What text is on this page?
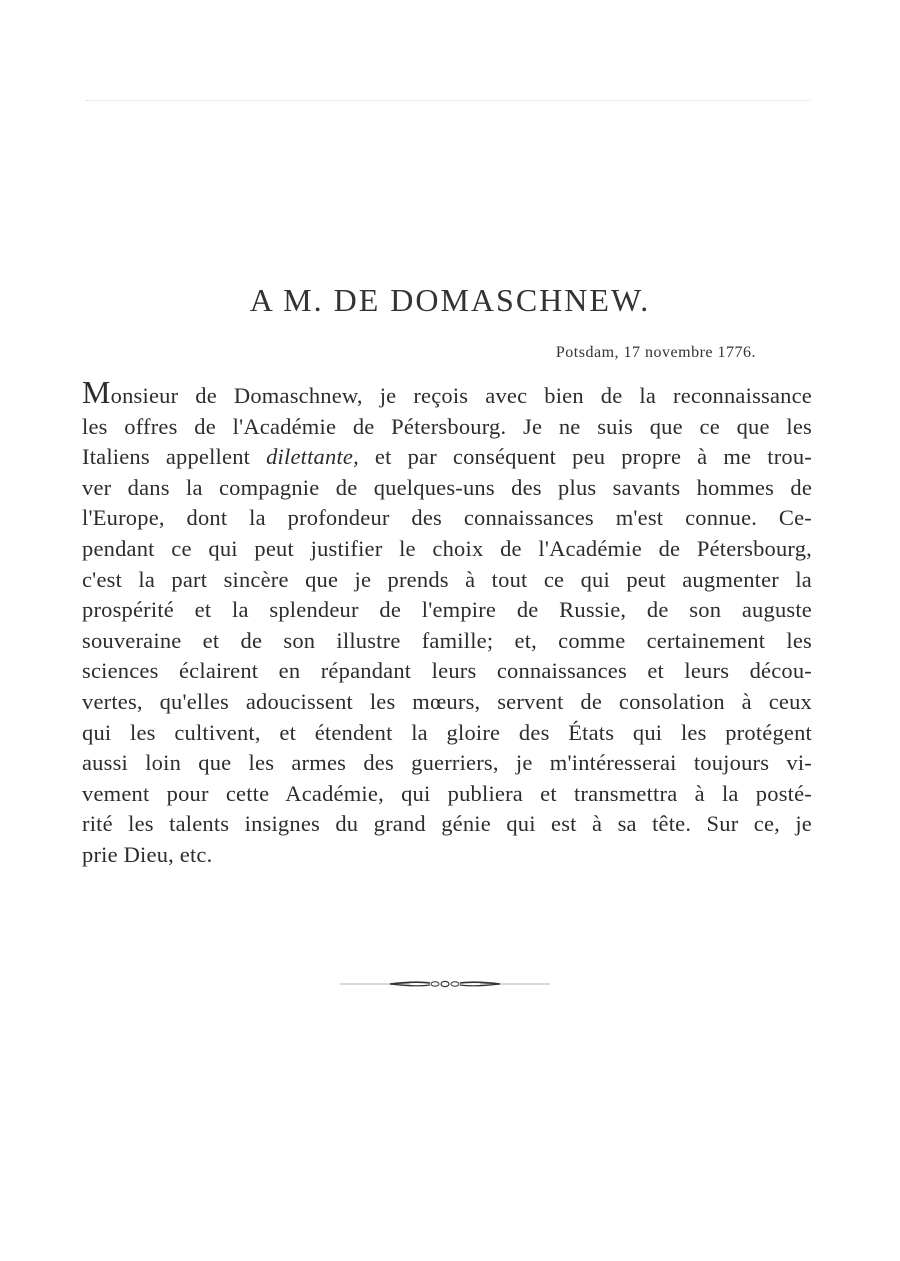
A M. DE DOMASCHNEW.
Potsdam, 17 novembre 1776.
Monsieur de Domaschnew, je reçois avec bien de la reconnaissance
les offres de l'Académie de Pétersbourg. Je ne suis que ce que les
Italiens appellent dilettante, et par conséquent peu propre à me trou-
ver dans la compagnie de quelques-uns des plus savants hommes de
l'Europe, dont la profondeur des connaissances m'est connue. Ce-
pendant ce qui peut justifier le choix de l'Académie de Pétersbourg,
c'est la part sincère que je prends à tout ce qui peut augmenter la
prospérité et la splendeur de l'empire de Russie, de son auguste
souveraine et de son illustre famille; et, comme certainement les
sciences éclairent en répandant leurs connaissances et leurs décou-
vertes, qu'elles adoucissent les mœurs, servent de consolation à ceux
qui les cultivent, et étendent la gloire des États qui les protégent
aussi loin que les armes des guerriers, je m'intéresserai toujours vi-
vement pour cette Académie, qui publiera et transmettra à la posté-
rité les talents insignes du grand génie qui est à sa tête. Sur ce, je
prie Dieu, etc.
